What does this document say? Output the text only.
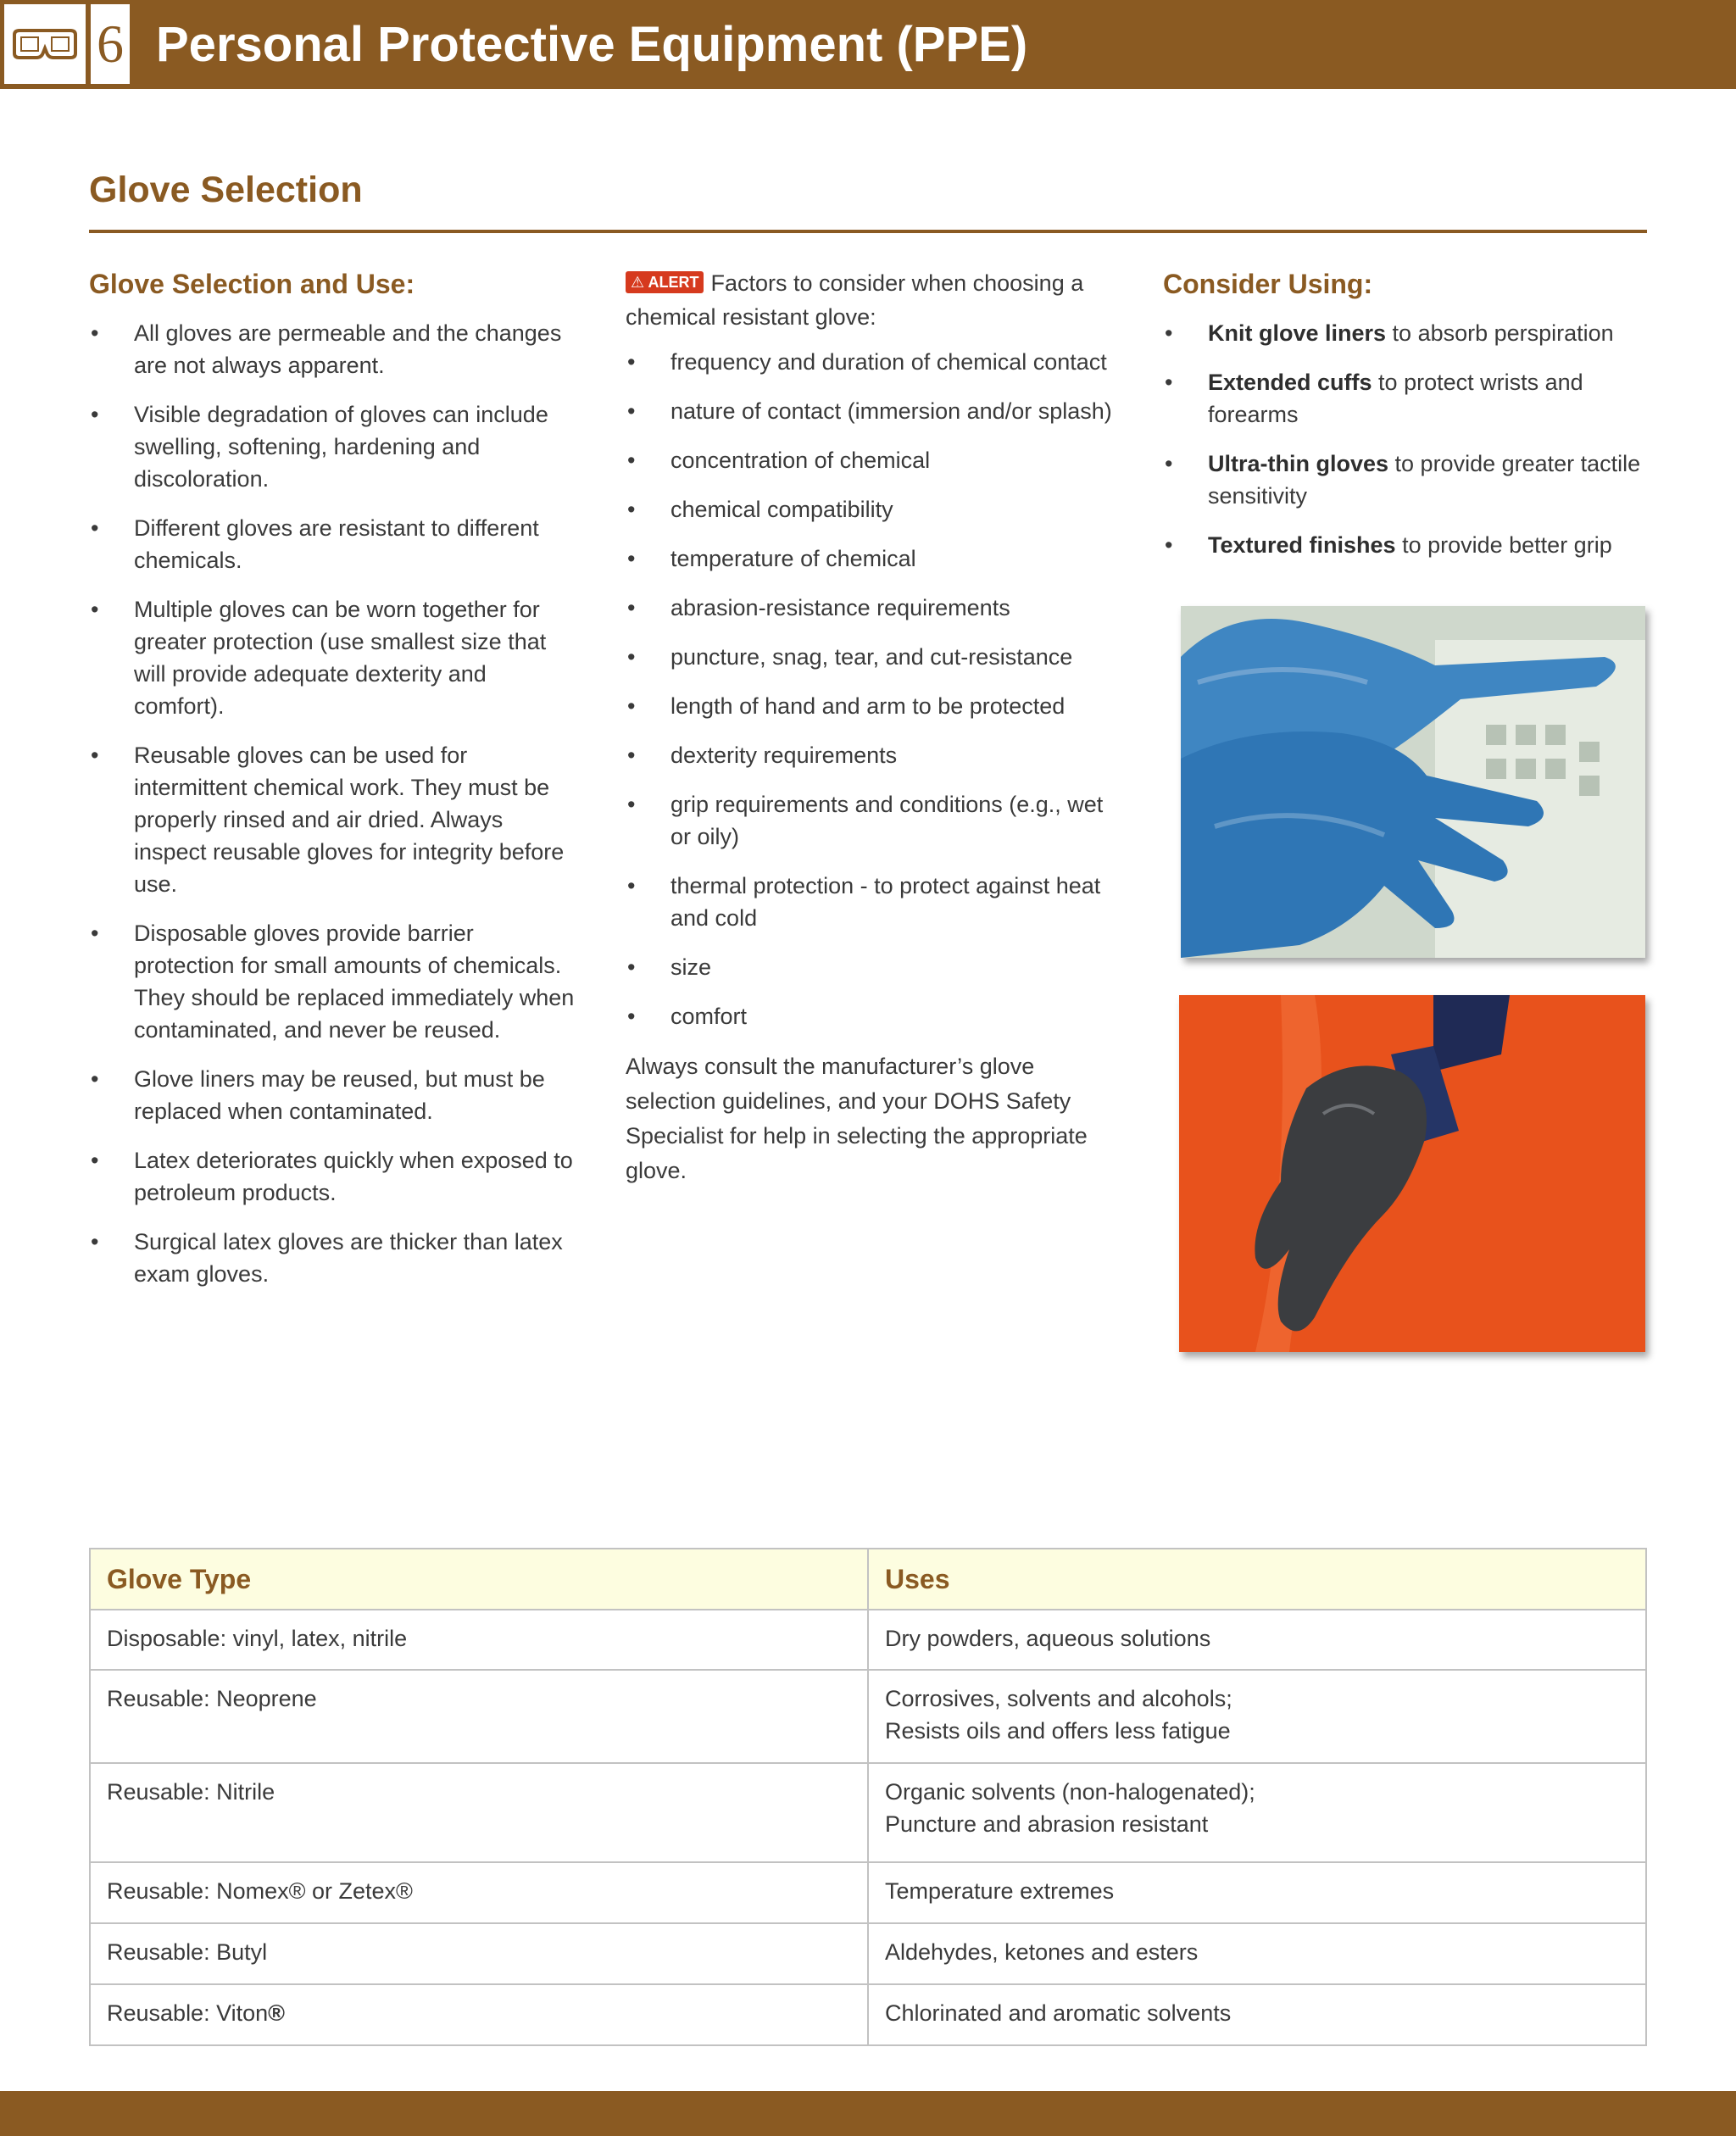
6 Personal Protective Equipment (PPE)
Glove Selection
Glove Selection and Use:
• All gloves are permeable and the changes are not always apparent.
• Visible degradation of gloves can include swelling, softening, hardening and discoloration.
• Different gloves are resistant to different chemicals.
• Multiple gloves can be worn together for greater protection (use smallest size that will provide adequate dexterity and comfort).
• Reusable gloves can be used for intermittent chemical work. They must be properly rinsed and air dried. Always inspect reusable gloves for integrity before use.
• Disposable gloves provide barrier protection for small amounts of chemicals. They should be replaced immediately when contaminated, and never be reused.
• Glove liners may be reused, but must be replaced when contaminated.
• Latex deteriorates quickly when exposed to petroleum products.
• Surgical latex gloves are thicker than latex exam gloves.

⚠ ALERT Factors to consider when choosing a chemical resistant glove:

• frequency and duration of chemical contact
• nature of contact (immersion and/or splash)
• concentration of chemical
• chemical compatibility
• temperature of chemical
• abrasion-resistance requirements
• puncture, snag, tear, and cut-resistance
• length of hand and arm to be protected
• dexterity requirements
• grip requirements and conditions (e.g., wet or oily)
• thermal protection - to protect against heat and cold
• size
• comfort

Always consult the manufacturer’s glove selection guidelines, and your DOHS Safety Specialist for help in selecting the appropriate glove.

Consider Using:
• Knit glove liners to absorb perspiration
• Extended cuffs to protect wrists and forearms
• Ultra-thin gloves to provide greater tactile sensitivity
• Textured finishes to provide better grip
Glove Type	Uses
Disposable: vinyl, latex, nitrile	Dry powders, aqueous solutions
Reusable: Neoprene	Corrosives, solvents and alcohols;
Resists oils and offers less fatigue
Reusable: Nitrile	Organic solvents (non-halogenated);
Puncture and abrasion resistant
Reusable: Nomex® or Zetex®	Temperature extremes
Reusable: Butyl	Aldehydes, ketones and esters
Reusable: Viton®	Chlorinated and aromatic solvents
